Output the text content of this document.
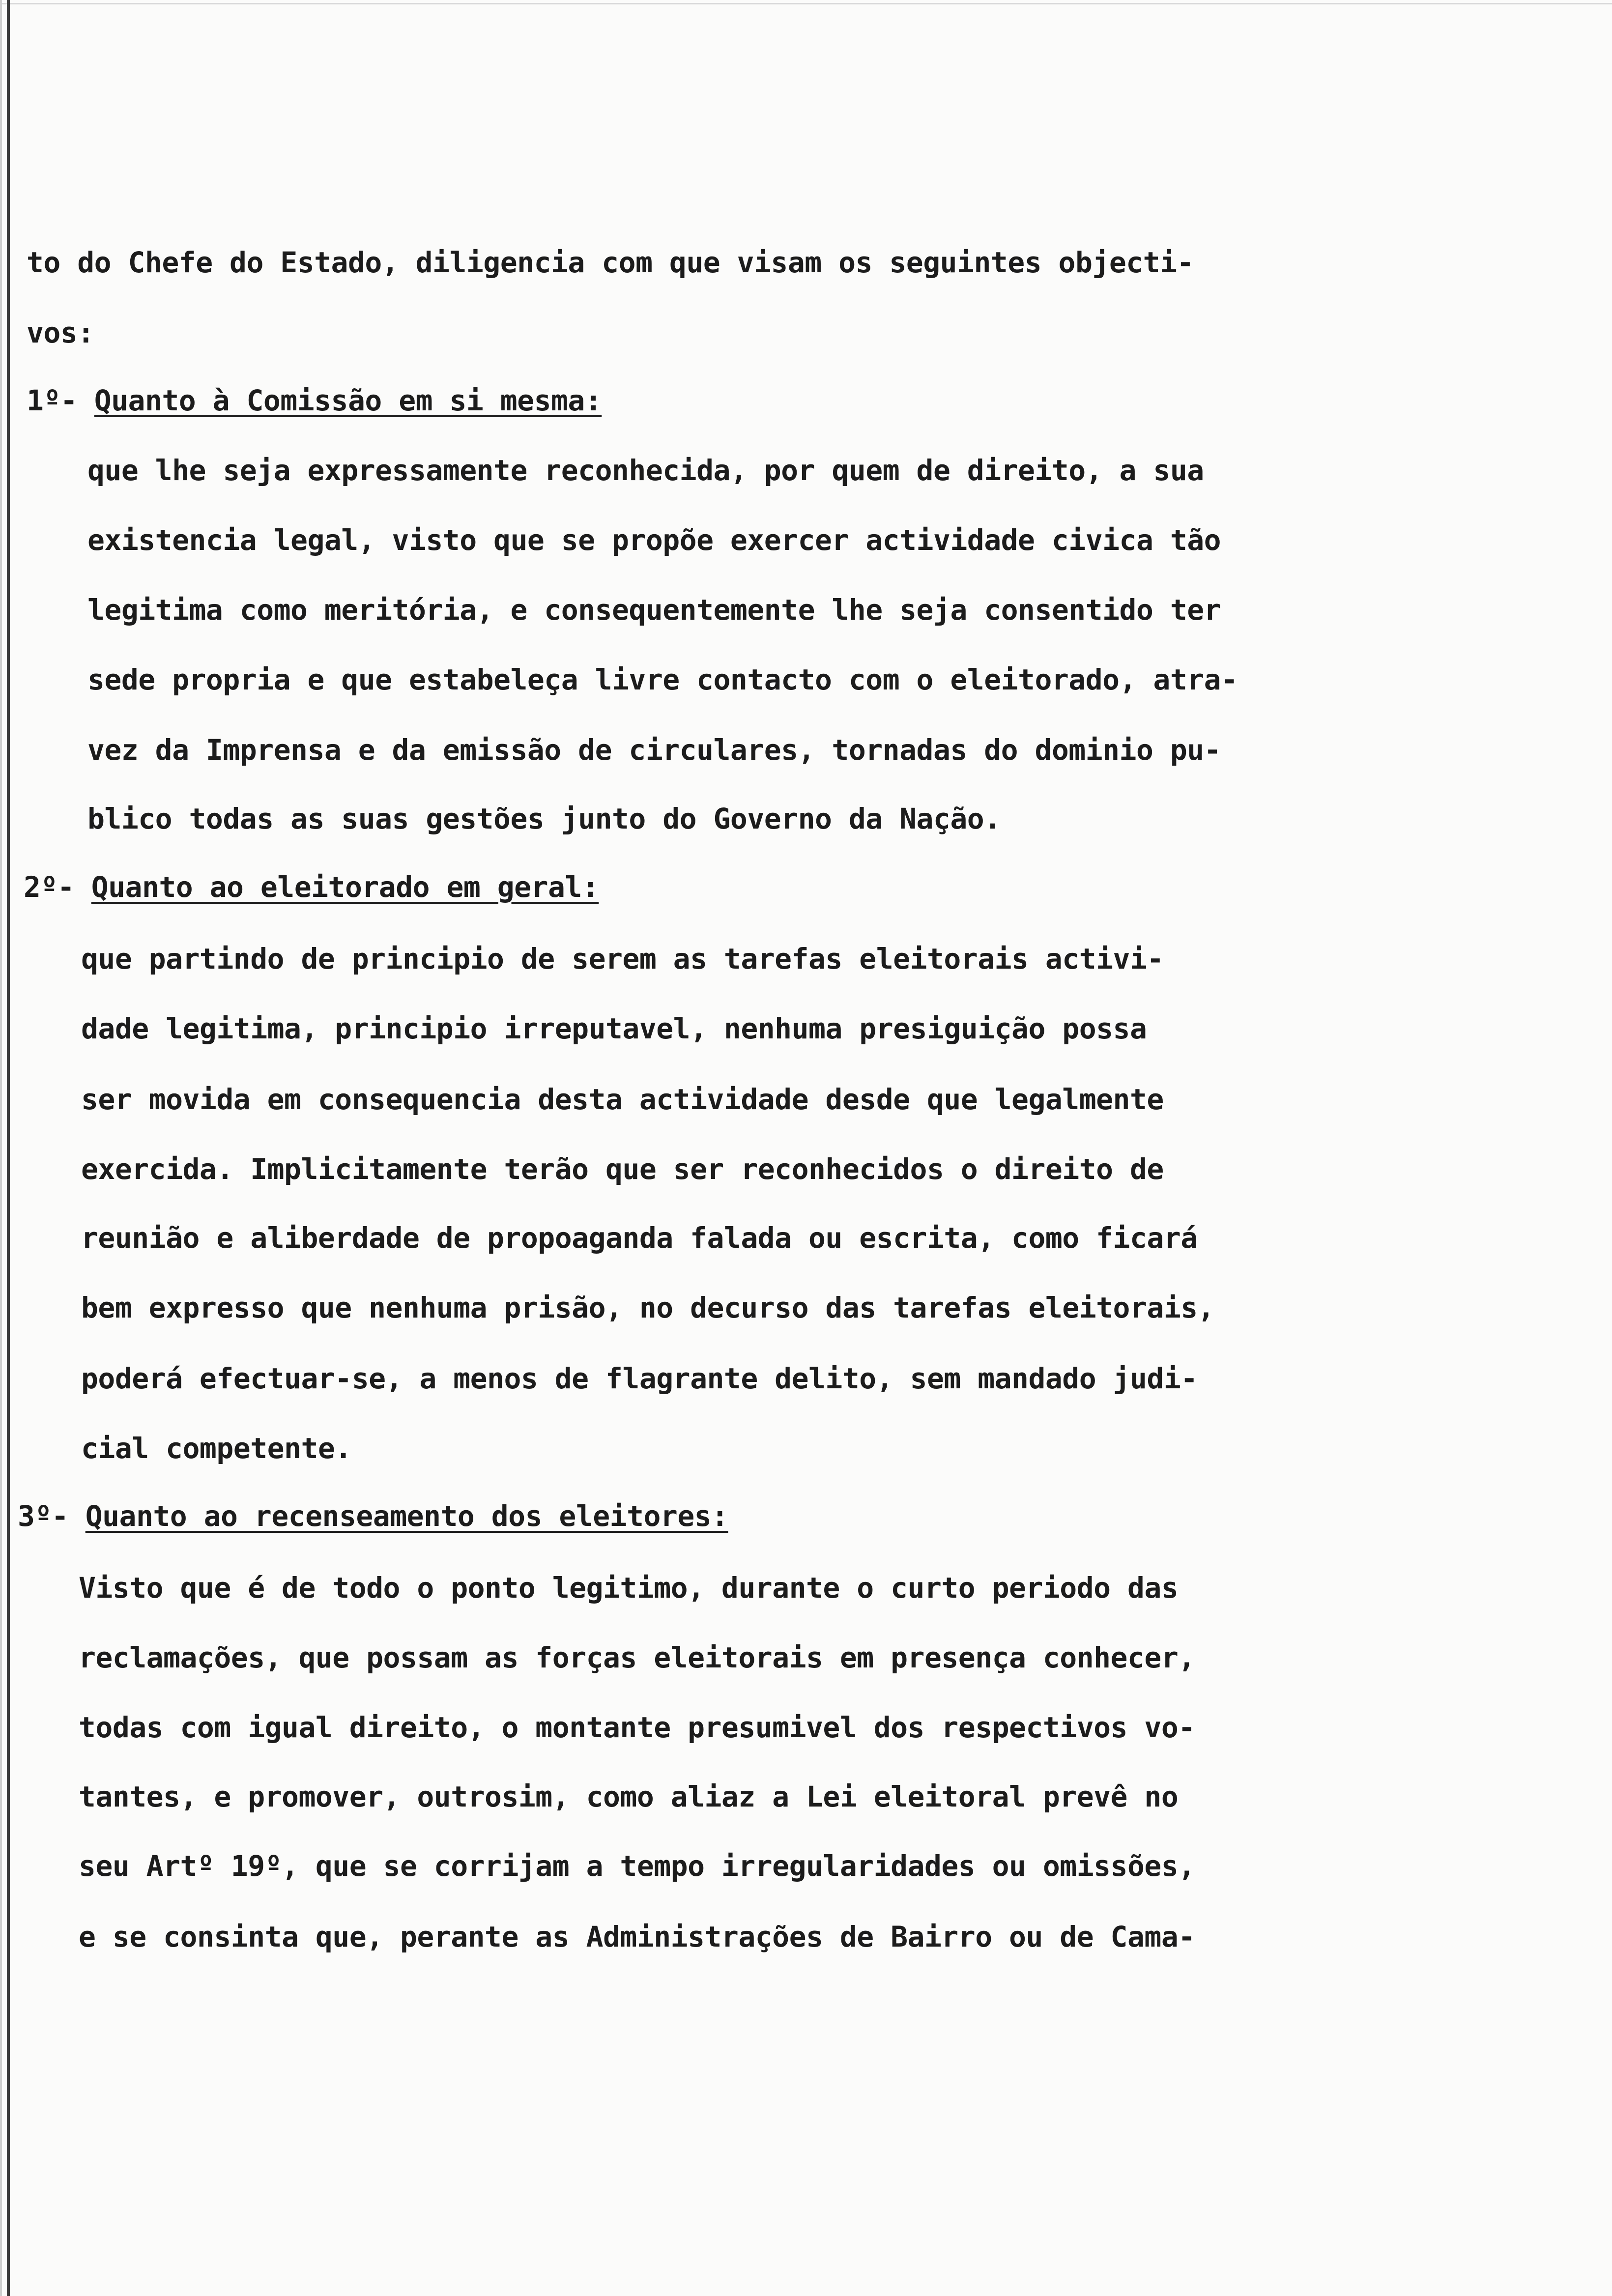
to do Chefe do Estado, diligencia com que visam os seguintes objecti-
vos:
1º- Quanto à Comissão em si mesma:
que lhe seja expressamente reconhecida, por quem de direito, a sua
existencia legal, visto que se propõe exercer actividade civica tão
legitima como meritória, e consequentemente lhe seja consentido ter
sede propria e que estabeleça livre contacto com o eleitorado, atra-
vez da Imprensa e da emissão de circulares, tornadas do dominio pu-
blico todas as suas gestões junto do Governo da Nação.
2º- Quanto ao eleitorado em geral:
que partindo de principio de serem as tarefas eleitorais activi-
dade legitima, principio irreputavel, nenhuma presiguição possa
ser movida em consequencia desta actividade desde que legalmente
exercida. Implicitamente terão que ser reconhecidos o direito de
reunião e aliberdade de propoaganda falada ou escrita, como ficará
bem expresso que nenhuma prisão, no decurso das tarefas eleitorais,
poderá efectuar-se, a menos de flagrante delito, sem mandado judi-
cial competente.
3º- Quanto ao recenseamento dos eleitores:
Visto que é de todo o ponto legitimo, durante o curto periodo das
reclamações, que possam as forças eleitorais em presença conhecer,
todas com igual direito, o montante presumivel dos respectivos vo-
tantes, e promover, outrosim, como aliaz a Lei eleitoral prevê no
seu Artº 19º, que se corrijam a tempo irregularidades ou omissões,
e se consinta que, perante as Administrações de Bairro ou de Cama-
